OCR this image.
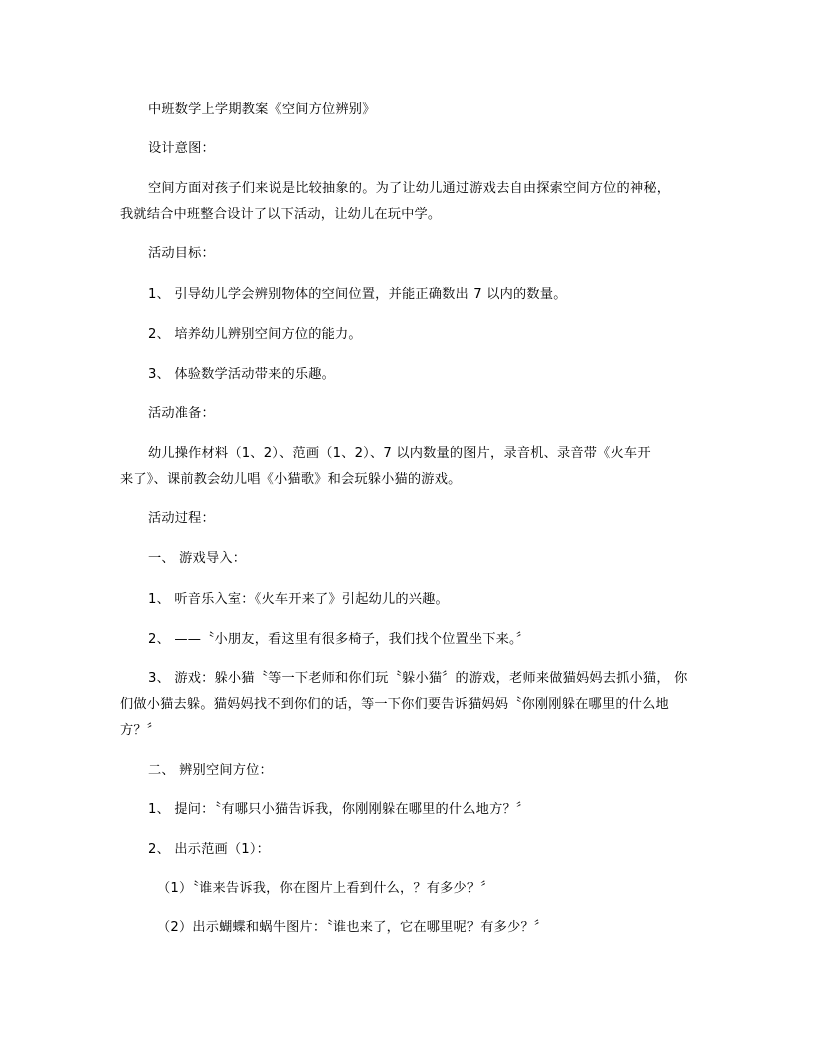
中班数学上学期教案《空间方位辨别》
设计意图：
空间方面对孩子们来说是比较抽象的。为了让幼儿通过游戏去自由探索空间方位的神秘，
我就结合中班整合设计了以下活动，让幼儿在玩中学。
活动目标：
1、 引导幼儿学会辨别物体的空间位置，并能正确数出 7 以内的数量。
2、 培养幼儿辨别空间方位的能力。
3、 体验数学活动带来的乐趣。
活动准备：
幼儿操作材料（1、2）、范画（1、2）、7 以内数量的图片，录音机、录音带《火车开
来了》、课前教会幼儿唱《小猫歌》和会玩躲小猫的游戏。
活动过程：
一、 游戏导入：
1、 听音乐入室：《火车开来了》引起幼儿的兴趣。
2、 ——〝小朋友，看这里有很多椅子，我们找个位置坐下来。〞
3、 游戏：躲小猫〝等一下老师和你们玩〝躲小猫〞的游戏，老师来做猫妈妈去抓小猫， 你
们做小猫去躲。猫妈妈找不到你们的话，等一下你们要告诉猫妈妈〝你刚刚躲在哪里的什么地
方？〞
二、 辨别空间方位：
1、 提问：〝有哪只小猫告诉我，你刚刚躲在哪里的什么地方？〞
2、 出示范画（1）：
（1）〝谁来告诉我，你在图片上看到什么，？有多少？〞
（2）出示蝴蝶和蜗牛图片：〝谁也来了，它在哪里呢？有多少？〞
